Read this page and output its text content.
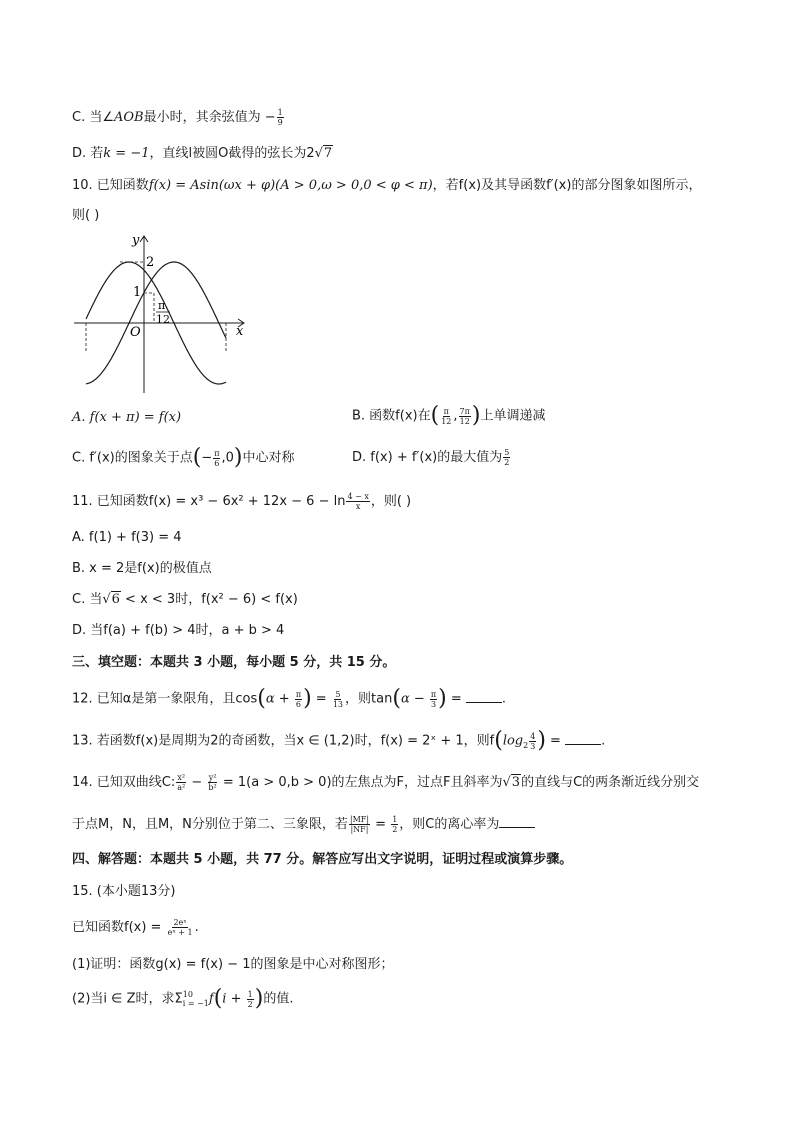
C. 当∠AOB最小时，其余弦值为 − $\frac{1}{9}$
D. 若k = −1，直线l被圆O截得的弦长为2√7
10. 已知函数f(x) = Asin(ωx + φ)(A > 0,ω > 0,0 < φ < π)，若f(x)及其导函数f′(x)的部分图象如图所示，
则( )
y
x
O
2
1
π
12
A. f(x + π) = f(x)	B. 函数f(x)在( $\frac{\pi}{12}$ , $\frac{7\pi}{12}$ )上单调递减
C. f′(x)的图象关于点(− $\frac{\pi}{6} ,0$)中心对称	D. f(x) + f′(x)的最大值为 $\frac{5}{2}$
11. 已知函数$f(x) = x^3 - 6x^2 + 12x - 6 - \ln \frac{4 - x}{x}$ ，则( )
A. f(1) + f(3) = 4
B. x = 2是f(x)的极值点
C. 当√6 < x < 3时，f(x² − 6) < f(x)
D. 当f(a) + f(b) > 4时，a + b > 4
三、填空题：本题共 3 小题，每小题 5 分，共 15 分。
12. 已知α是第一象限角，且$\cos(\alpha + \frac{\pi}{6}$ ) = $\frac{5}{13}$ ，则$\tan(\alpha - \frac{\pi}{3}$ ) =	.
13. 若函数f(x)是周期为2的奇函数，当x ∈ (1,2)时，f(x) = 2ˣ + 1，则$f(\log_2 \frac{4}{3}$ ) =	.
14. 已知双曲线C: $\frac{\text{x²}}{\text{a²}} - \frac{\text{y²}}{\text{b²}} = 1(a > 0,b > 0)$的左焦点为F，过点F且斜率为√3的直线与C的两条渐近线分别交
于点M，N，且M，N分别位于第二、三象限，若 $\frac{|MF|}{|NF|} = \frac{1}{2}$ ，则C的离心率为
四、解答题：本题共 5 小题，共 77 分。解答应写出文字说明，证明过程或演算步骤。
15. (本小题13分)
已知函数$f(x) = \frac{\text{2eˣ}}{\text{eˣ + 1}}$ .
(1)证明：函数g(x) = f(x) − 1的图象是中心对称图形；
(2)当i ∈ Z时，求Σ 10
i = −1 $f(i + \frac{1}{2}$ )的值.
